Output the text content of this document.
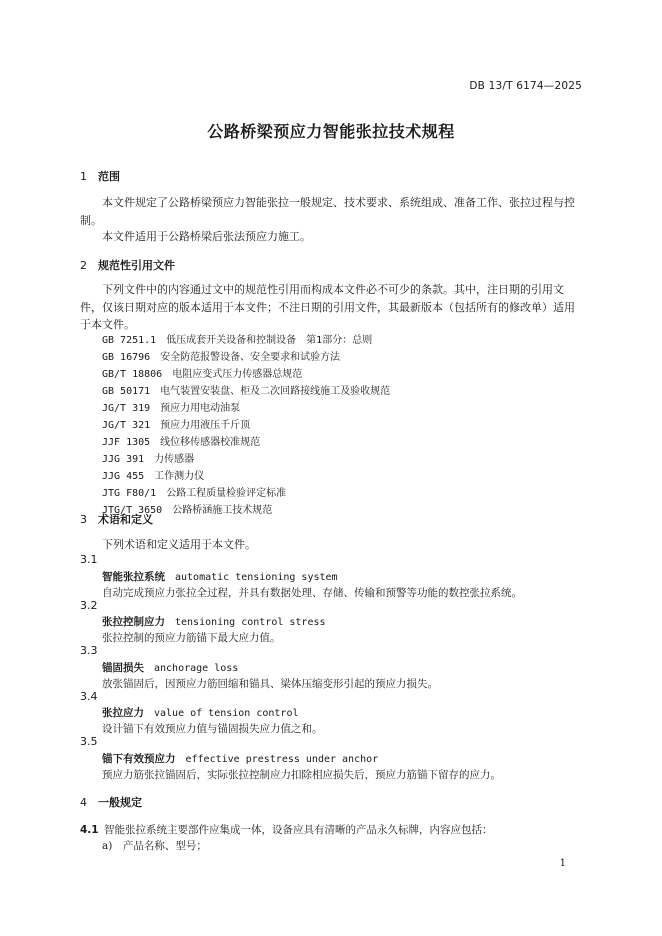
DB 13/T 6174—2025
公路桥梁预应力智能张拉技术规程
1 范围
本文件规定了公路桥梁预应力智能张拉一般规定、技术要求、系统组成、准备工作、张拉过程与控制。
本文件适用于公路桥梁后张法预应力施工。
2 规范性引用文件
下列文件中的内容通过文中的规范性引用而构成本文件必不可少的条款。其中，注日期的引用文件，仅该日期对应的版本适用于本文件；不注日期的引用文件，其最新版本（包括所有的修改单）适用于本文件。
GB 7251.1　 低压成套开关设备和控制设备　第1部分：总则
GB 16796　 安全防范报警设备、安全要求和试验方法
GB/T 18806　 电阻应变式压力传感器总规范
GB 50171　 电气装置安装盘、柜及二次回路接线施工及验收规范
JG/T 319　 预应力用电动油泵
JG/T 321　 预应力用液压千斤顶
JJF 1305　 线位移传感器校准规范
JJG 391　 力传感器
JJG 455　 工作测力仪
JTG F80/1　 公路工程质量检验评定标准
JTG/T 3650　 公路桥涵施工技术规范
3 术语和定义
下列术语和定义适用于本文件。
3.1
智能张拉系统 automatic tensioning system
自动完成预应力张拉全过程，并具有数据处理、存储、传输和预警等功能的数控张拉系统。
3.2
张拉控制应力 tensioning control stress
张拉控制的预应力筋锚下最大应力值。
3.3
锚固损失 anchorage loss
放张锚固后，因预应力筋回缩和锚具、梁体压缩变形引起的预应力损失。
3.4
张拉应力 value of tension control
设计锚下有效预应力值与锚固损失应力值之和。
3.5
锚下有效预应力 effective prestress under anchor
预应力筋张拉锚固后，实际张拉控制应力扣除相应损失后，预应力筋锚下留存的应力。
4 一般规定
4.1 智能张拉系统主要部件应集成一体，设备应具有清晰的产品永久标牌，内容应包括：
a)　产品名称、型号；
1
